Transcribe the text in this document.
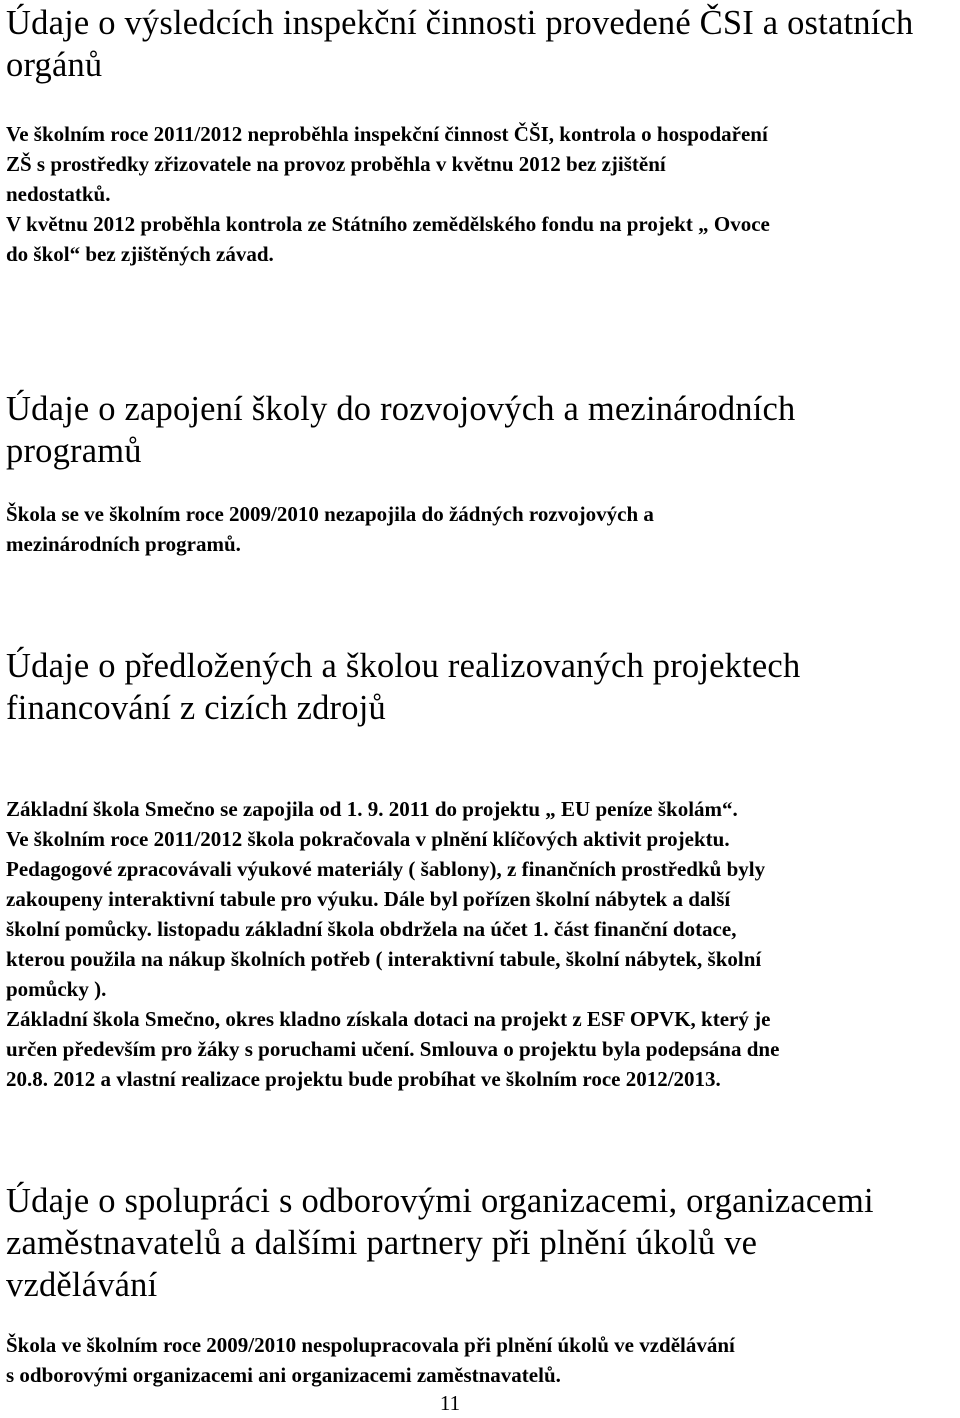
Údaje o výsledcích inspekční činnosti provedené ČSI a ostatních
orgánů

Ve školním roce 2011/2012 neproběhla inspekční činnost ČŠI, kontrola o hospodaření
ZŠ s prostředky zřizovatele na provoz proběhla v květnu 2012 bez zjištění
nedostatků.
V květnu 2012 proběhla kontrola ze Státního zemědělského fondu na projekt „ Ovoce
do škol“ bez zjištěných závad.

Údaje o zapojení školy do rozvojových a mezinárodních
programů

Škola se ve školním roce 2009/2010 nezapojila do žádných rozvojových a
mezinárodních programů.

Údaje o předložených a školou realizovaných projektech
financování z cizích zdrojů

Základní škola Smečno se zapojila od 1. 9. 2011 do projektu „ EU peníze školám“.
Ve školním roce 2011/2012 škola pokračovala v plnění klíčových aktivit projektu.
Pedagogové zpracovávali výukové materiály ( šablony), z finančních prostředků byly
zakoupeny interaktivní tabule pro výuku. Dále byl pořízen školní nábytek a další
školní pomůcky. listopadu základní škola obdržela na účet 1. část finanční dotace,
kterou použila na nákup školních potřeb ( interaktivní tabule, školní nábytek, školní
pomůcky ).
Základní škola Smečno, okres kladno získala dotaci na projekt z ESF OPVK, který je
určen především pro žáky s poruchami učení. Smlouva o projektu byla podepsána dne
20.8. 2012 a vlastní realizace projektu bude probíhat ve školním roce 2012/2013.

Údaje o spolupráci s odborovými organizacemi, organizacemi
zaměstnavatelů a dalšími partnery při plnění úkolů ve
vzdělávání

Škola ve školním roce 2009/2010 nespolupracovala při plnění úkolů ve vzdělávání
s odborovými organizacemi ani organizacemi zaměstnavatelů.

11
